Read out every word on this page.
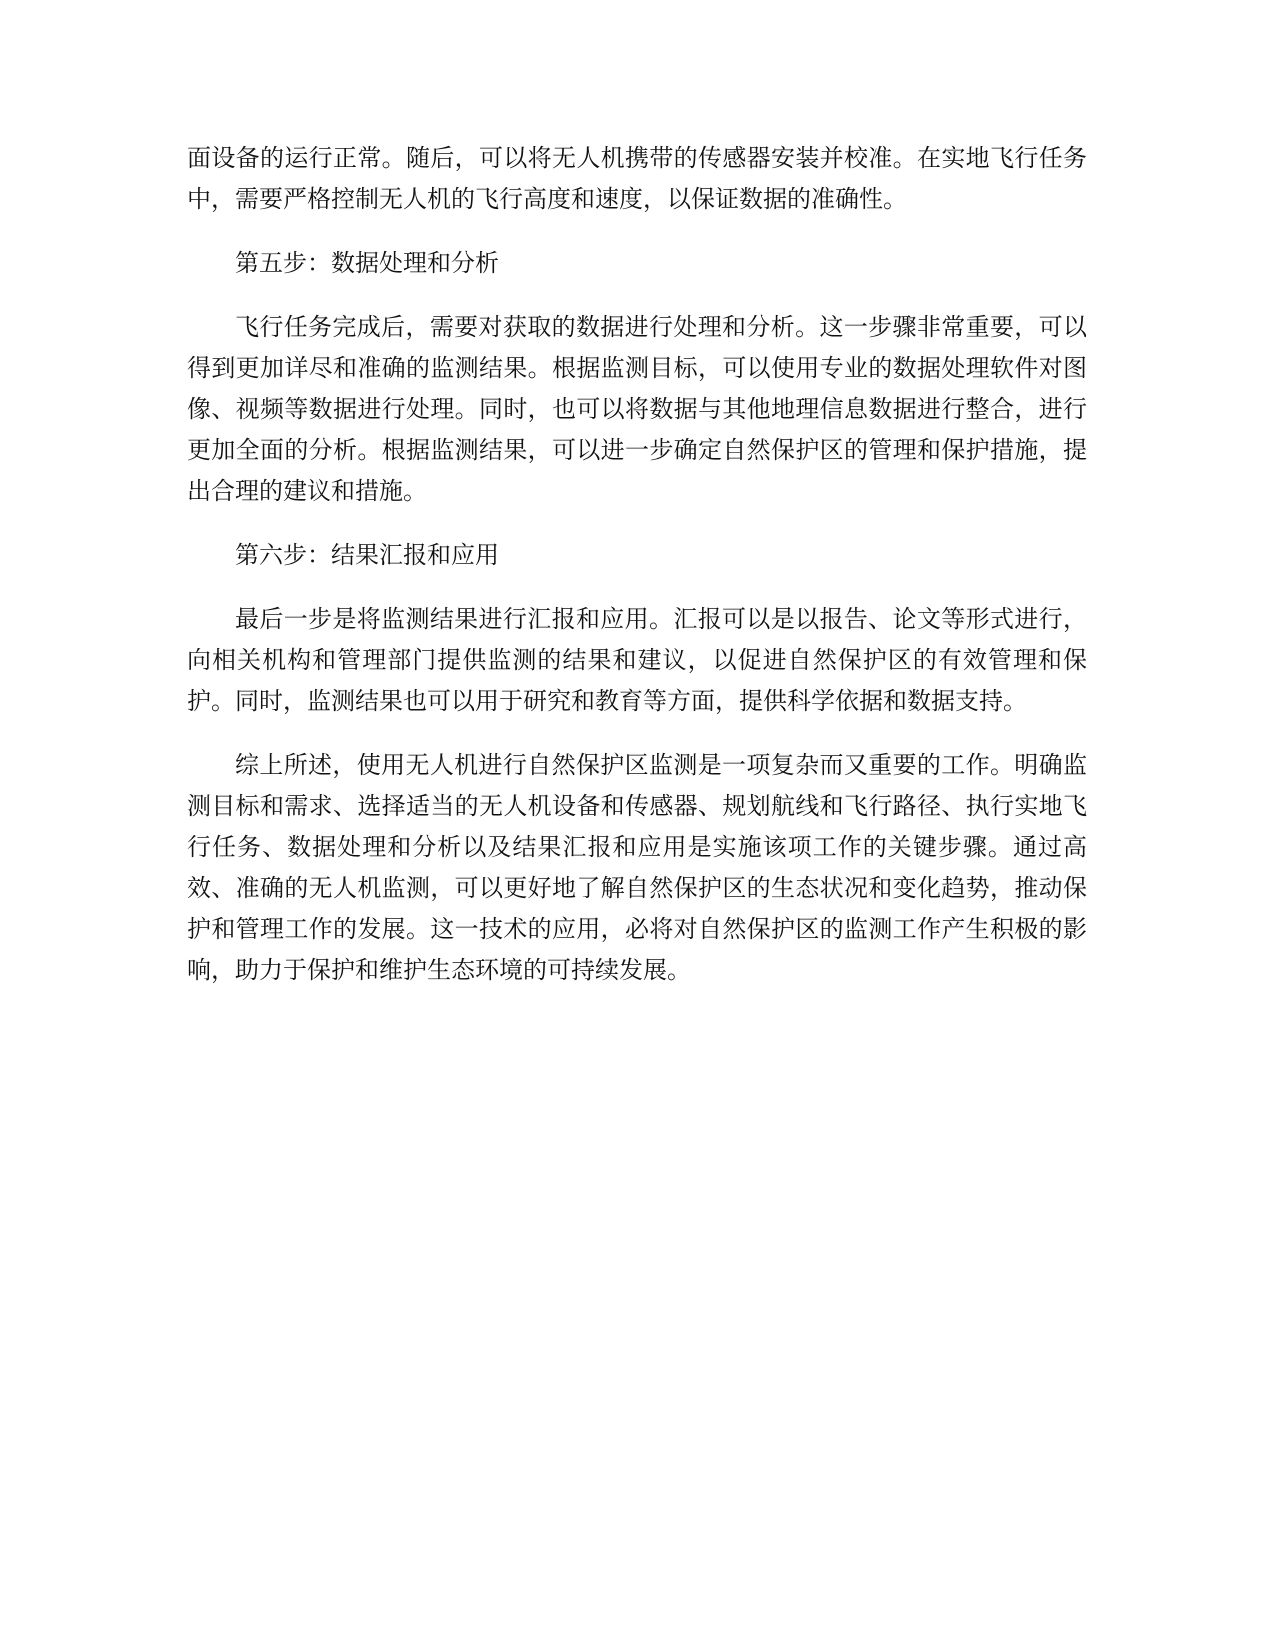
面设备的运行正常。随后，可以将无人机携带的传感器安装并校准。在实地飞行任务中，需要严格控制无人机的飞行高度和速度，以保证数据的准确性。

第五步：数据处理和分析

飞行任务完成后，需要对获取的数据进行处理和分析。这一步骤非常重要，可以得到更加详尽和准确的监测结果。根据监测目标，可以使用专业的数据处理软件对图像、视频等数据进行处理。同时，也可以将数据与其他地理信息数据进行整合，进行更加全面的分析。根据监测结果，可以进一步确定自然保护区的管理和保护措施，提出合理的建议和措施。

第六步：结果汇报和应用

最后一步是将监测结果进行汇报和应用。汇报可以是以报告、论文等形式进行，向相关机构和管理部门提供监测的结果和建议，以促进自然保护区的有效管理和保护。同时，监测结果也可以用于研究和教育等方面，提供科学依据和数据支持。

综上所述，使用无人机进行自然保护区监测是一项复杂而又重要的工作。明确监测目标和需求、选择适当的无人机设备和传感器、规划航线和飞行路径、执行实地飞行任务、数据处理和分析以及结果汇报和应用是实施该项工作的关键步骤。通过高效、准确的无人机监测，可以更好地了解自然保护区的生态状况和变化趋势，推动保护和管理工作的发展。这一技术的应用，必将对自然保护区的监测工作产生积极的影响，助力于保护和维护生态环境的可持续发展。
